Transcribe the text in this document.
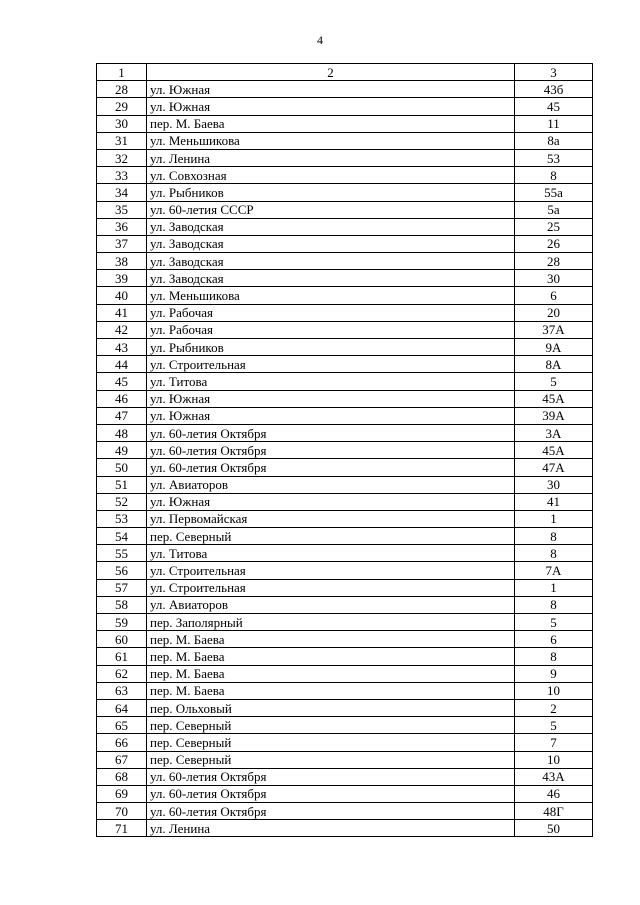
4
1	2	3
28	ул. Южная	43б
29	ул. Южная	45
30	пер. М. Баева	11
31	ул. Меньшикова	8а
32	ул. Ленина	53
33	ул. Совхозная	8
34	ул. Рыбников	55а
35	ул. 60-летия СССР	5а
36	ул. Заводская	25
37	ул. Заводская	26
38	ул. Заводская	28
39	ул. Заводская	30
40	ул. Меньшикова	6
41	ул. Рабочая	20
42	ул. Рабочая	37А
43	ул. Рыбников	9А
44	ул. Строительная	8А
45	ул. Титова	5
46	ул. Южная	45А
47	ул. Южная	39А
48	ул. 60-летия Октября	3А
49	ул. 60-летия Октября	45А
50	ул. 60-летия Октября	47А
51	ул. Авиаторов	30
52	ул. Южная	41
53	ул. Первомайская	1
54	пер. Северный	8
55	ул. Титова	8
56	ул. Строительная	7А
57	ул. Строительная	1
58	ул. Авиаторов	8
59	пер. Заполярный	5
60	пер. М. Баева	6
61	пер. М. Баева	8
62	пер. М. Баева	9
63	пер. М. Баева	10
64	пер. Ольховый	2
65	пер. Северный	5
66	пер. Северный	7
67	пер. Северный	10
68	ул. 60-летия Октября	43А
69	ул. 60-летия Октября	46
70	ул. 60-летия Октября	48Г
71	ул. Ленина	50
